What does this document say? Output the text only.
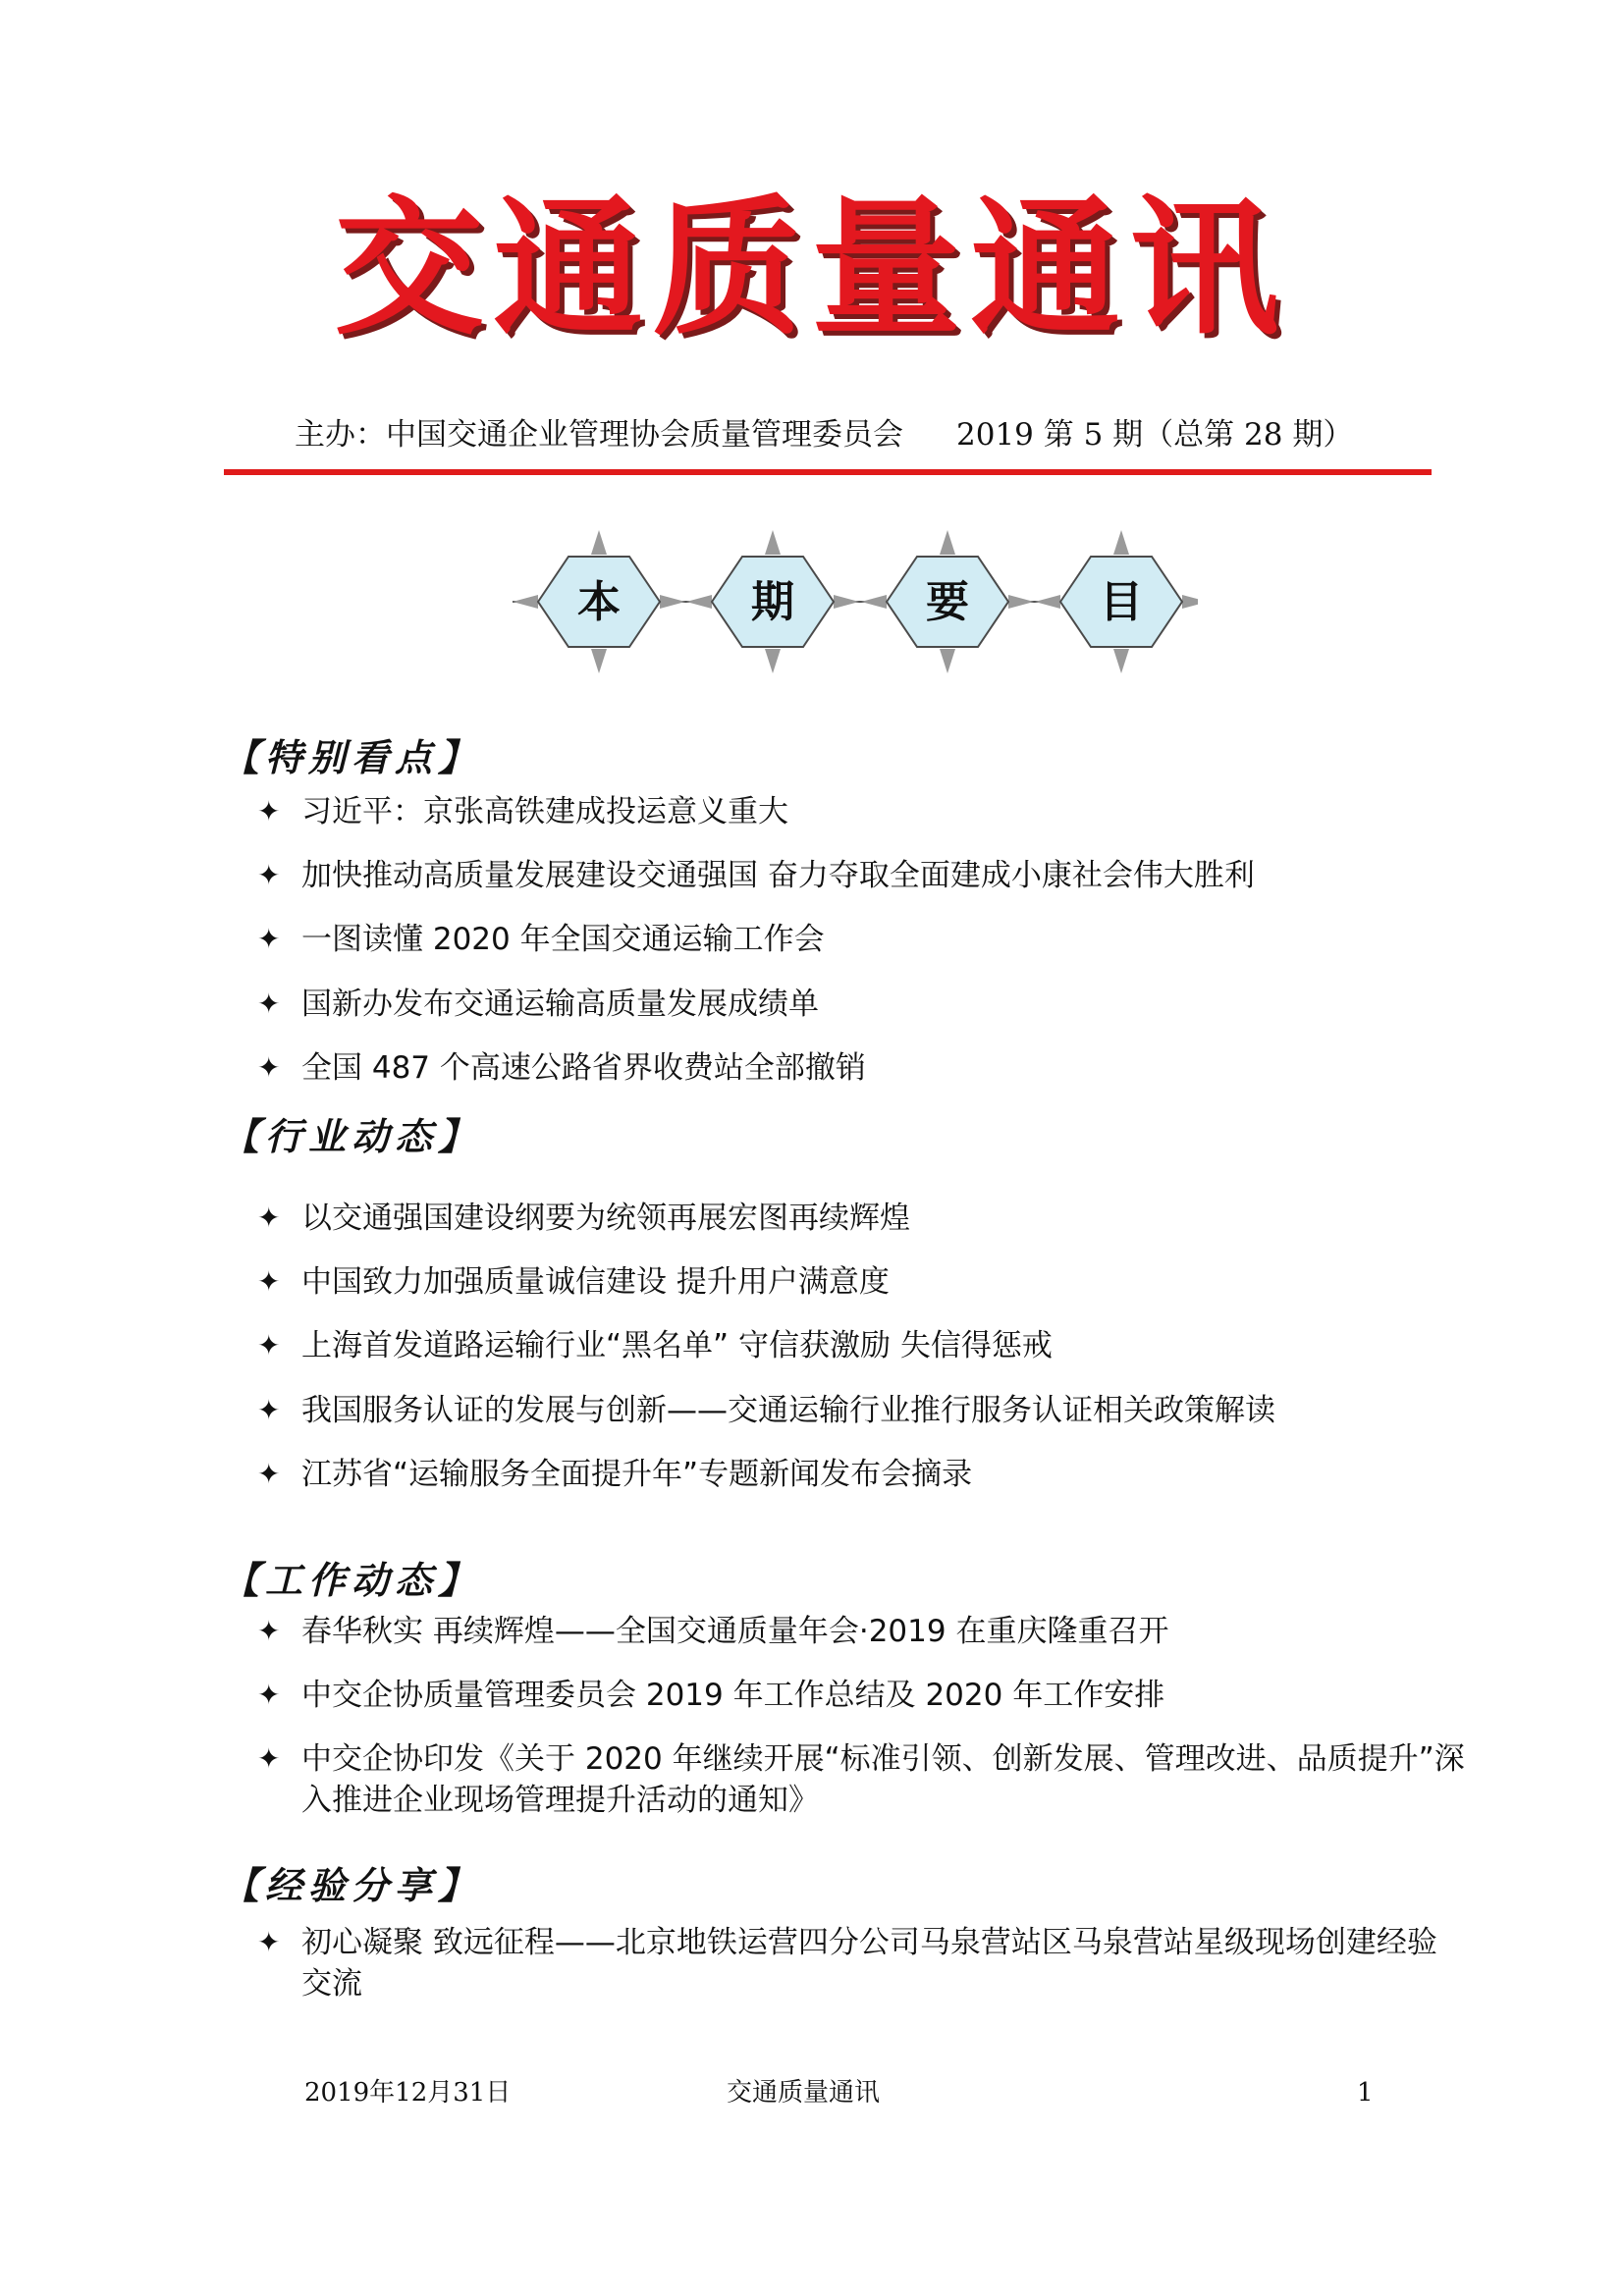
交通质量通讯
主办：中国交通企业管理协会质量管理委员会 2019 第 5 期（总第 28 期）
本	期	要	目
【特别看点】
✦ 习近平：京张高铁建成投运意义重大
✦ 加快推动高质量发展建设交通强国 奋力夺取全面建成小康社会伟大胜利
✦ 一图读懂 2020 年全国交通运输工作会
✦ 国新办发布交通运输高质量发展成绩单
✦ 全国 487 个高速公路省界收费站全部撤销
【行业动态】
✦ 以交通强国建设纲要为统领再展宏图再续辉煌
✦ 中国致力加强质量诚信建设 提升用户满意度
✦ 上海首发道路运输行业“黑名单” 守信获激励 失信得惩戒
✦ 我国服务认证的发展与创新——交通运输行业推行服务认证相关政策解读
✦ 江苏省“运输服务全面提升年”专题新闻发布会摘录
【工作动态】
✦ 春华秋实 再续辉煌——全国交通质量年会·2019 在重庆隆重召开
✦ 中交企协质量管理委员会 2019 年工作总结及 2020 年工作安排
✦ 中交企协印发《关于 2020 年继续开展“标准引领、创新发展、管理改进、品质提升”深入推进企业现场管理提升活动的通知》
【经验分享】
✦ 初心凝聚 致远征程——北京地铁运营四分公司马泉营站区马泉营站星级现场创建经验交流
2019年12月31日	交通质量通讯	1
